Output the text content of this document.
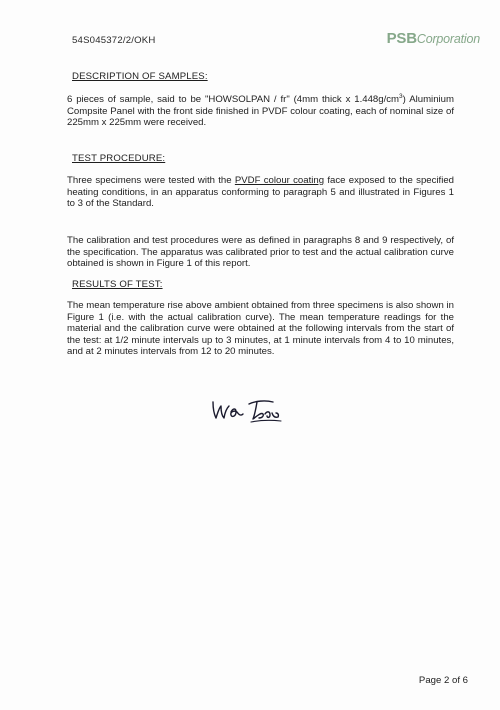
54S045372/2/OKH	PSBCorporation
DESCRIPTION OF SAMPLES:
6 pieces of sample, said to be "HOWSOLPAN / fr" (4mm thick x $1.448g/cm^3$) Aluminium Compsite Panel with the front side finished in PVDF colour coating, each of nominal size of 225mm x 225mm were received.
TEST PROCEDURE:
Three specimens were tested with the PVDF colour coating face exposed to the specified heating conditions, in an apparatus conforming to paragraph 5 and illustrated in Figures 1 to 3 of the Standard.
The calibration and test procedures were as defined in paragraphs 8 and 9 respectively, of the specification. The apparatus was calibrated prior to test and the actual calibration curve obtained is shown in Figure 1 of this report.
RESULTS OF TEST:
The mean temperature rise above ambient obtained from three specimens is also shown in Figure 1 (i.e. with the actual calibration curve). The mean temperature readings for the material and the calibration curve were obtained at the following intervals from the start of the test: at 1/2 minute intervals up to 3 minutes, at 1 minute intervals from 4 to 10 minutes, and at 2 minutes intervals from 12 to 20 minutes.
Page 2 of 6
